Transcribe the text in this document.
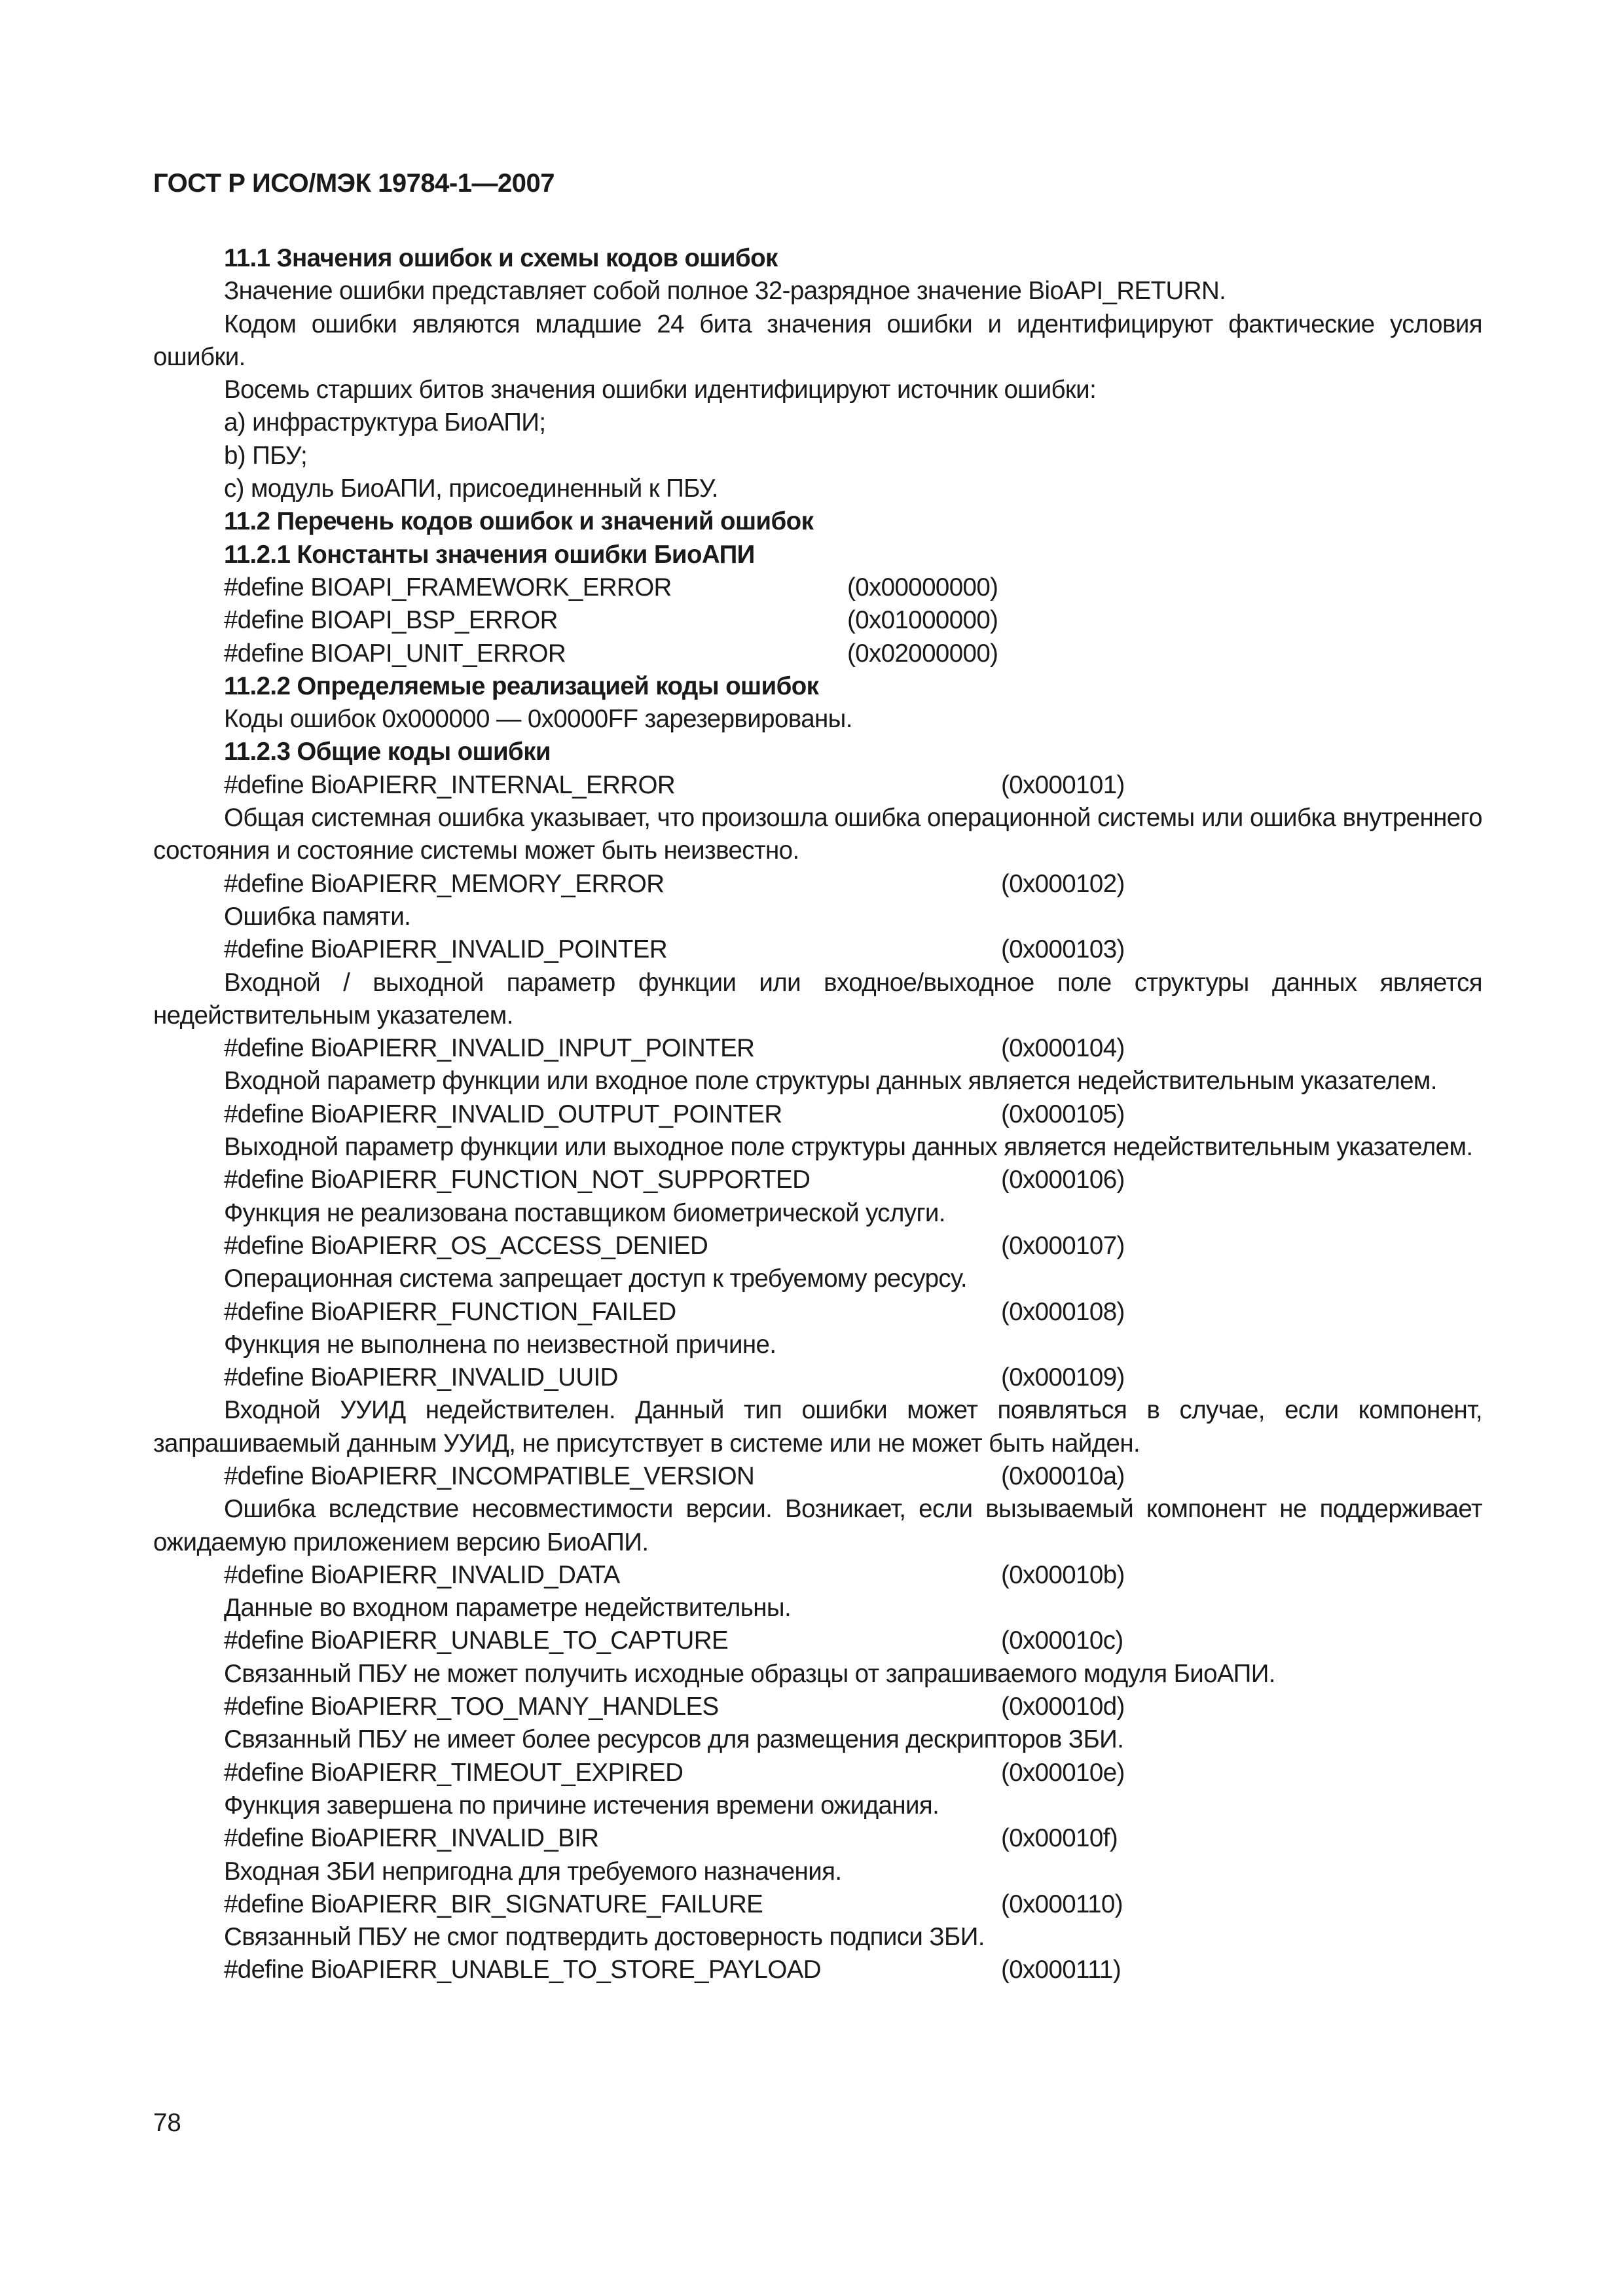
ГОСТ Р ИСО/МЭК 19784-1—2007
11.1 Значения ошибок и схемы кодов ошибок
Значение ошибки представляет собой полное 32-разрядное значение BioAPI_RETURN.
Кодом ошибки являются младшие 24 бита значения ошибки и идентифицируют фактические условия ошибки.
Восемь старших битов значения ошибки идентифицируют источник ошибки:
a) инфраструктура БиоАПИ;
b) ПБУ;
c) модуль БиоАПИ, присоединенный к ПБУ.
11.2 Перечень кодов ошибок и значений ошибок
11.2.1 Константы значения ошибки БиоАПИ
#define BIOAPI_FRAMEWORK_ERROR	(0x00000000)
#define BIOAPI_BSP_ERROR	(0x01000000)
#define BIOAPI_UNIT_ERROR	(0x02000000)
11.2.2 Определяемые реализацией коды ошибок
Коды ошибок 0x000000 — 0x0000FF зарезервированы.
11.2.3 Общие коды ошибки
#define BioAPIERR_INTERNAL_ERROR	(0x000101)
Общая системная ошибка указывает, что произошла ошибка операционной системы или ошибка внутреннего состояния и состояние системы может быть неизвестно.
#define BioAPIERR_MEMORY_ERROR	(0x000102)
Ошибка памяти.
#define BioAPIERR_INVALID_POINTER	(0x000103)
Входной / выходной параметр функции или входное/выходное поле структуры данных является недействительным указателем.
#define BioAPIERR_INVALID_INPUT_POINTER	(0x000104)
Входной параметр функции или входное поле структуры данных является недействительным указателем.
#define BioAPIERR_INVALID_OUTPUT_POINTER	(0x000105)
Выходной параметр функции или выходное поле структуры данных является недействительным указателем.
#define BioAPIERR_FUNCTION_NOT_SUPPORTED	(0x000106)
Функция не реализована поставщиком биометрической услуги.
#define BioAPIERR_OS_ACCESS_DENIED	(0x000107)
Операционная система запрещает доступ к требуемому ресурсу.
#define BioAPIERR_FUNCTION_FAILED	(0x000108)
Функция не выполнена по неизвестной причине.
#define BioAPIERR_INVALID_UUID	(0x000109)
Входной УУИД недействителен. Данный тип ошибки может появляться в случае, если компонент, запрашиваемый данным УУИД, не присутствует в системе или не может быть найден.
#define BioAPIERR_INCOMPATIBLE_VERSION	(0x00010a)
Ошибка вследствие несовместимости версии. Возникает, если вызываемый компонент не поддерживает ожидаемую приложением версию БиоАПИ.
#define BioAPIERR_INVALID_DATA	(0x00010b)
Данные во входном параметре недействительны.
#define BioAPIERR_UNABLE_TO_CAPTURE	(0x00010c)
Связанный ПБУ не может получить исходные образцы от запрашиваемого модуля БиоАПИ.
#define BioAPIERR_TOO_MANY_HANDLES	(0x00010d)
Связанный ПБУ не имеет более ресурсов для размещения дескрипторов ЗБИ.
#define BioAPIERR_TIMEOUT_EXPIRED	(0x00010e)
Функция завершена по причине истечения времени ожидания.
#define BioAPIERR_INVALID_BIR	(0x00010f)
Входная ЗБИ непригодна для требуемого назначения.
#define BioAPIERR_BIR_SIGNATURE_FAILURE	(0x000110)
Связанный ПБУ не смог подтвердить достоверность подписи ЗБИ.
#define BioAPIERR_UNABLE_TO_STORE_PAYLOAD	(0x000111)
78
